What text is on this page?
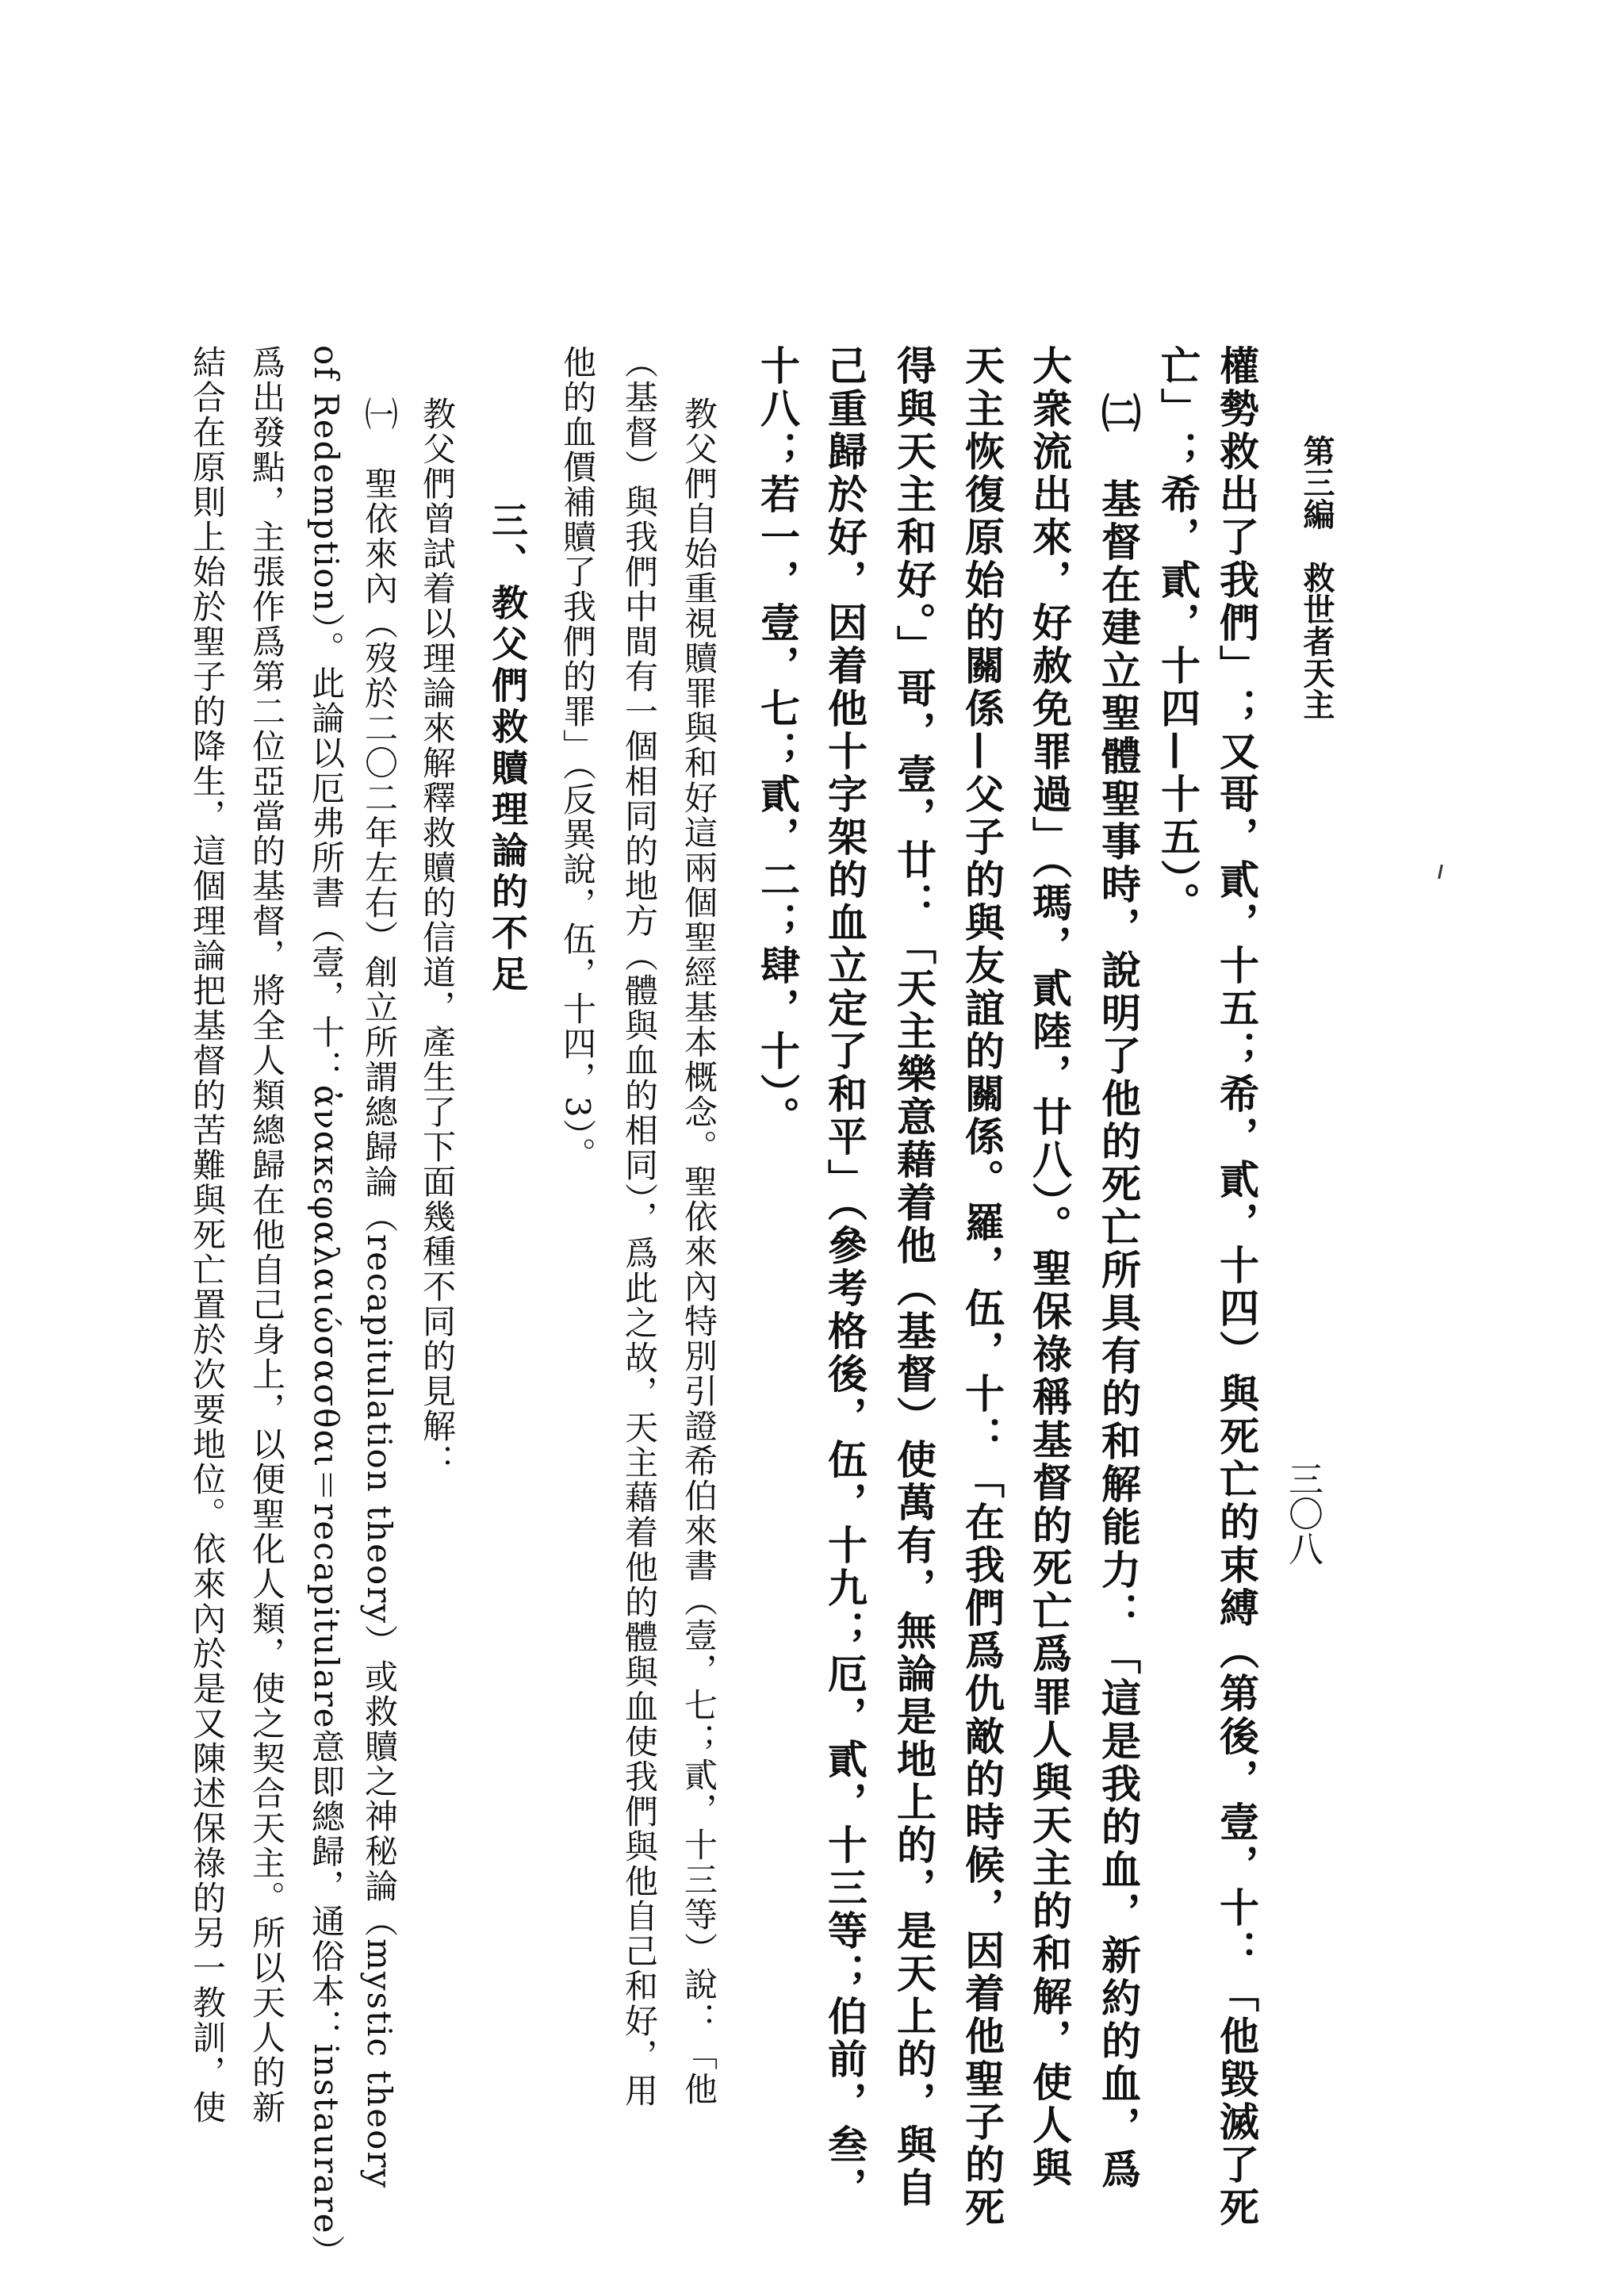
第三編　救世者天主
三〇八
權勢救出了我們」；又哥，貳，十五；希，貳，十四）與死亡的束縛（第後，壹，十：「他毀滅了死
亡」；希，貳，十四—十五）。
㈡　基督在建立聖體聖事時，說明了他的死亡所具有的和解能力：「這是我的血，新約的血，爲
大衆流出來，好赦免罪過」（瑪，貳陸，廿八）。聖保祿稱基督的死亡爲罪人與天主的和解，使人與
天主恢復原始的關係—父子的與友誼的關係。羅，伍，十：「在我們爲仇敵的時候，因着他聖子的死
得與天主和好。」哥，壹，廿：「天主樂意藉着他（基督）使萬有，無論是地上的，是天上的，與自
己重歸於好，因着他十字架的血立定了和平」（參考格後，伍，十九；厄，貳，十三等；伯前，叁，
十八；若一，壹，七；貳，二；肆，十）。
教父們自始重視贖罪與和好這兩個聖經基本概念。聖依來內特別引證希伯來書（壹，七；貳，十三等）說：「他
（基督）與我們中間有一個相同的地方（體與血的相同），爲此之故，天主藉着他的體與血使我們與他自己和好，用
他的血價補贖了我們的罪」（反異說，伍，十四，3）。
三、教父們救贖理論的不足
教父們曾試着以理論來解釋救贖的信道，產生了下面幾種不同的見解：
㈠　聖依來內（歿於二〇二年左右）創立所謂總歸論（recapitulation theory）或救贖之神秘論（mystic theory
of Redemption）。此論以厄弗所書（壹，十：ἀνακεφαλαιώσασθαι＝recapitulare意即總歸，通俗本：instaurare）
爲出發點，主張作爲第二位亞當的基督，將全人類總歸在他自己身上，以便聖化人類，使之契合天主。所以天人的新
結合在原則上始於聖子的降生，這個理論把基督的苦難與死亡置於次要地位。依來內於是又陳述保祿的另一教訓，使
